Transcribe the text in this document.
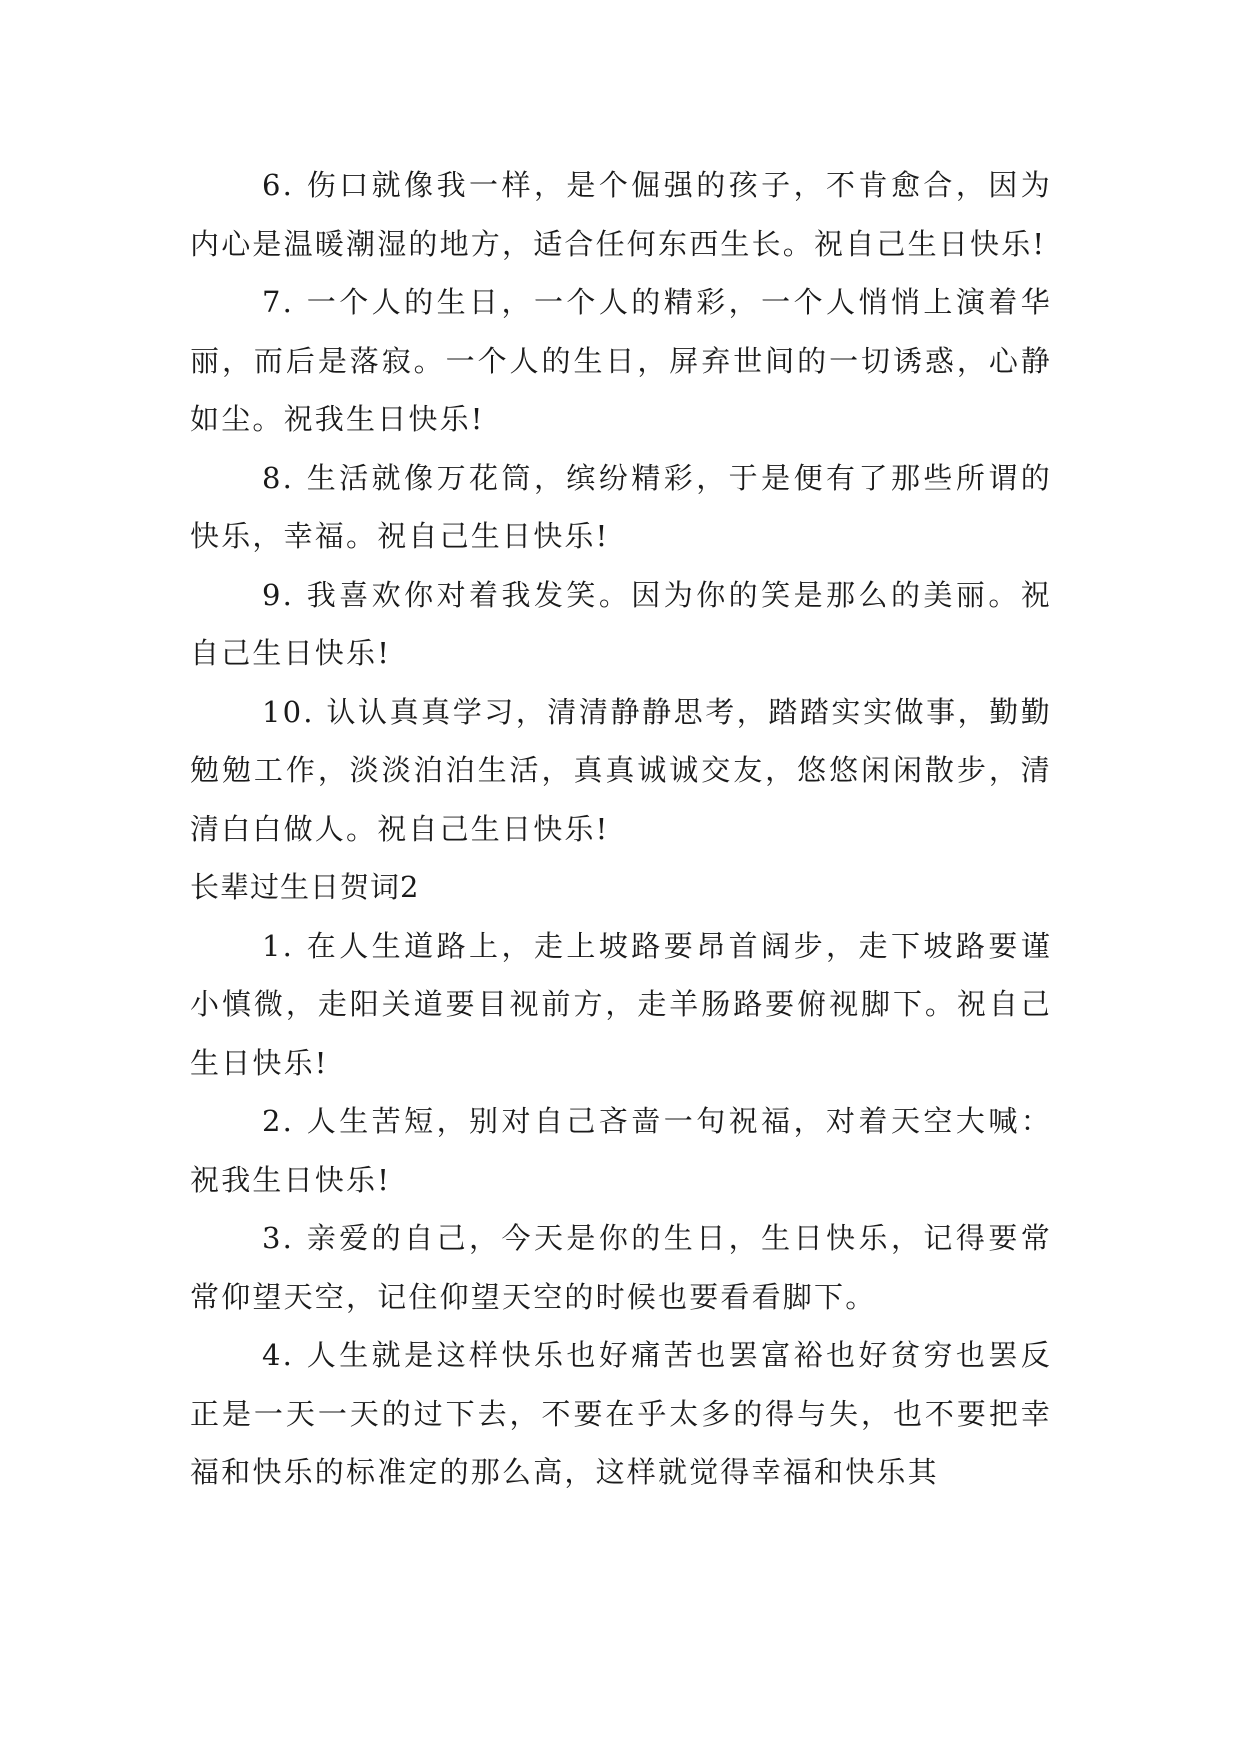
6. 伤口就像我一样，是个倔强的孩子，不肯愈合，因为内心是温暖潮湿的地方，适合任何东西生长。祝自己生日快乐!

7. 一个人的生日，一个人的精彩，一个人悄悄上演着华丽，而后是落寂。一个人的生日，屏弃世间的一切诱惑，心静如尘。祝我生日快乐!

8. 生活就像万花筒，缤纷精彩，于是便有了那些所谓的快乐，幸福。祝自己生日快乐!

9. 我喜欢你对着我发笑。因为你的笑是那么的美丽。祝自己生日快乐!

10. 认认真真学习，清清静静思考，踏踏实实做事，勤勤勉勉工作，淡淡泊泊生活，真真诚诚交友，悠悠闲闲散步，清清白白做人。祝自己生日快乐!

长辈过生日贺词2

1. 在人生道路上，走上坡路要昂首阔步，走下坡路要谨小慎微，走阳关道要目视前方，走羊肠路要俯视脚下。祝自己生日快乐!

2. 人生苦短，别对自己吝啬一句祝福，对着天空大喊：祝我生日快乐!

3. 亲爱的自己，今天是你的生日，生日快乐，记得要常常仰望天空，记住仰望天空的时候也要看看脚下。

4. 人生就是这样快乐也好痛苦也罢富裕也好贫穷也罢反正是一天一天的过下去，不要在乎太多的得与失，也不要把幸福和快乐的标准定的那么高，这样就觉得幸福和快乐其
